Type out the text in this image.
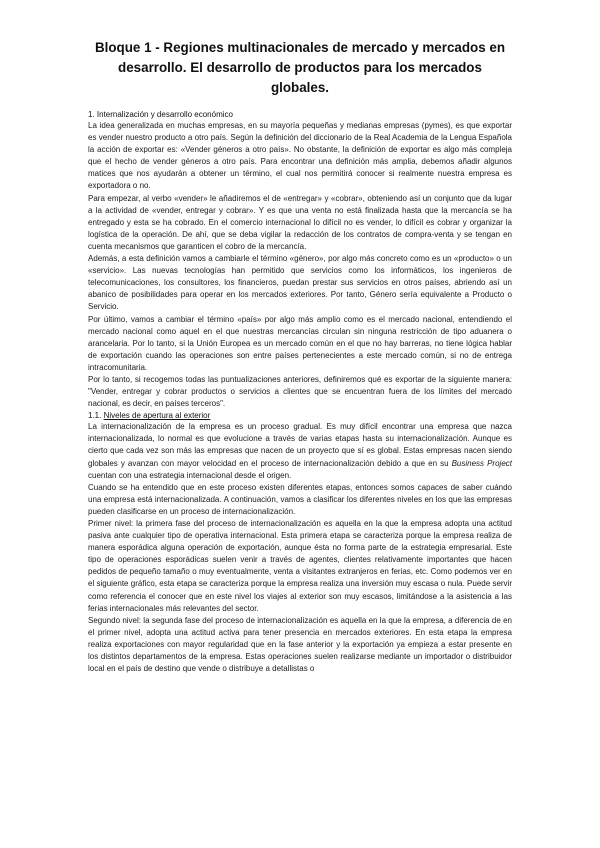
Bloque 1 - Regiones multinacionales de mercado y mercados en desarrollo. El desarrollo de productos para los mercados globales.
1. Internalización y desarrollo económico

La idea generalizada en muchas empresas, en su mayoría pequeñas y medianas empresas (pymes), es que exportar es vender nuestro producto a otro país. Según la definición del diccionario de la Real Academia de la Lengua Española la acción de exportar es: «Vender géneros a otro país». No obstante, la definición de exportar es algo más compleja que el hecho de vender géneros a otro país. Para encontrar una definición más amplia, debemos añadir algunos matices que nos ayudarán a obtener un término, el cual nos permitirá conocer si realmente nuestra empresa es exportadora o no.

Para empezar, al verbo «vender» le añadiremos el de «entregar» y «cobrar», obteniendo así un conjunto que da lugar a la actividad de «vender, entregar y cobrar». Y es que una venta no está finalizada hasta que la mercancía se ha entregado y esta se ha cobrado. En el comercio internacional lo difícil no es vender, lo difícil es cobrar y organizar la logística de la operación. De ahí, que se deba vigilar la redacción de los contratos de compra-venta y se tengan en cuenta mecanismos que garanticen el cobro de la mercancía.

Además, a esta definición vamos a cambiarle el término «género», por algo más concreto como es un «producto» o un «servicio». Las nuevas tecnologías han permitido que servicios como los informáticos, los ingenieros de telecomunicaciones, los consultores, los financieros, puedan prestar sus servicios en otros países, abriendo así un abanico de posibilidades para operar en los mercados exteriores. Por tanto, Género sería equivalente a Producto o Servicio.

Por último, vamos a cambiar el término «país» por algo más amplio como es el mercado nacional, entendiendo el mercado nacional como aquel en el que nuestras mercancías circulan sin ninguna restricción de tipo aduanera o arancelaria. Por lo tanto, si la Unión Europea es un mercado común en el que no hay barreras, no tiene lógica hablar de exportación cuando las operaciones son entre países pertenecientes a este mercado común, si no de entrega intracomunitaria.

Por lo tanto, si recogemos todas las puntualizaciones anteriores, definiremos qué es exportar de la siguiente manera: "Vender, entregar y cobrar productos o servicios a clientes que se encuentran fuera de los límites del mercado nacional, es decir, en países terceros".

1.1. Niveles de apertura al exterior

La internacionalización de la empresa es un proceso gradual. Es muy difícil encontrar una empresa que nazca internacionalizada, lo normal es que evolucione a través de varias etapas hasta su internacionalización. Aunque es cierto que cada vez son más las empresas que nacen de un proyecto que sí es global. Estas empresas nacen siendo globales y avanzan con mayor velocidad en el proceso de internacionalización debido a que en su Business Project cuentan con una estrategia internacional desde el origen.

Cuando se ha entendido que en este proceso existen diferentes etapas, entonces somos capaces de saber cuándo una empresa está internacionalizada. A continuación, vamos a clasificar los diferentes niveles en los que las empresas pueden clasificarse en un proceso de internacionalización.

Primer nivel: la primera fase del proceso de internacionalización es aquella en la que la empresa adopta una actitud pasiva ante cualquier tipo de operativa internacional. Esta primera etapa se caracteriza porque la empresa realiza de manera esporádica alguna operación de exportación, aunque ésta no forma parte de la estrategia empresarial. Este tipo de operaciones esporádicas suelen venir a través de agentes, clientes relativamente importantes que hacen pedidos de pequeño tamaño o muy eventualmente, venta a visitantes extranjeros en ferias, etc. Como podemos ver en el siguiente gráfico, esta etapa se caracteriza porque la empresa realiza una inversión muy escasa o nula. Puede servir como referencia el conocer que en este nivel los viajes al exterior son muy escasos, limitándose a la asistencia a las ferias internacionales más relevantes del sector.

Segundo nivel: la segunda fase del proceso de internacionalización es aquella en la que la empresa, a diferencia de en el primer nivel, adopta una actitud activa para tener presencia en mercados exteriores. En esta etapa la empresa realiza exportaciones con mayor regularidad que en la fase anterior y la exportación ya empieza a estar presente en los distintos departamentos de la empresa. Estas operaciones suelen realizarse mediante un importador o distribuidor local en el país de destino que vende o distribuye a detallistas o
